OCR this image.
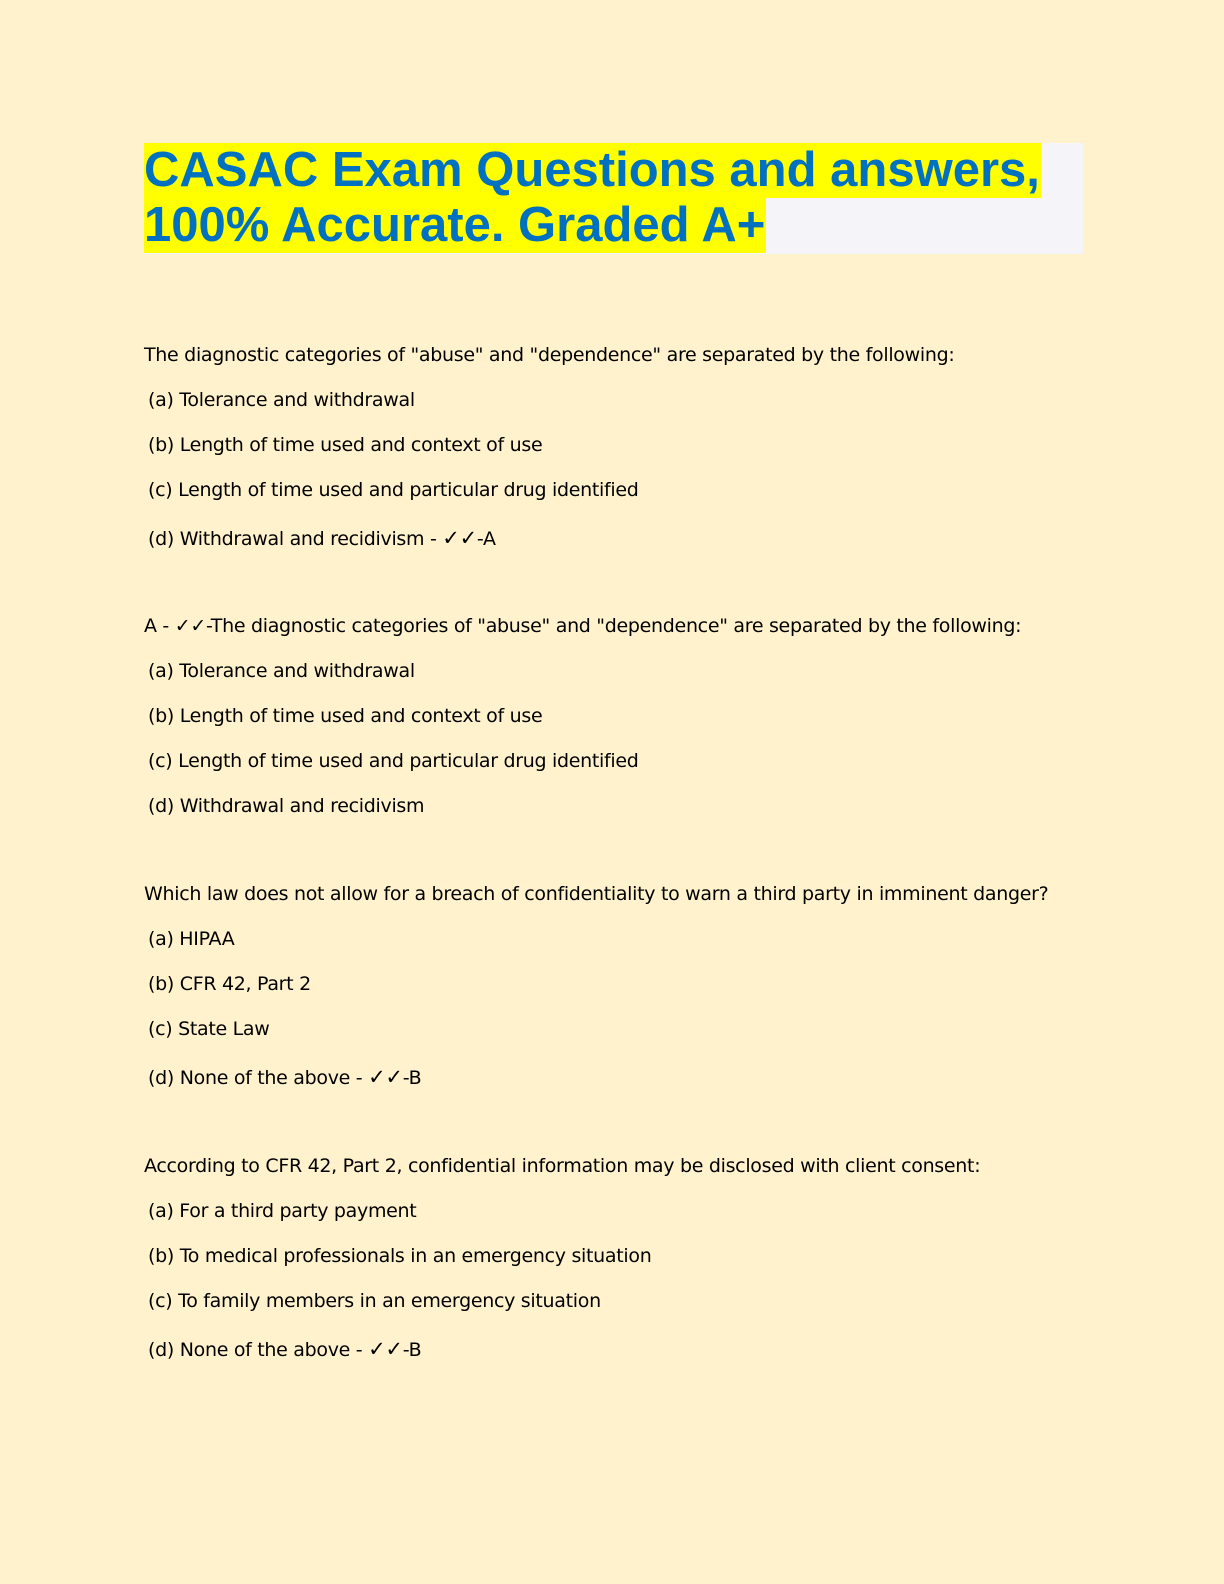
CASAC Exam Questions and answers,
100% Accurate. Graded A+
The diagnostic categories of "abuse" and "dependence" are separated by the following:
(a) Tolerance and withdrawal
(b) Length of time used and context of use
(c) Length of time used and particular drug identified
(d) Withdrawal and recidivism - ✓✓-A
A - ✓✓-The diagnostic categories of "abuse" and "dependence" are separated by the following:
(a) Tolerance and withdrawal
(b) Length of time used and context of use
(c) Length of time used and particular drug identified
(d) Withdrawal and recidivism
Which law does not allow for a breach of confidentiality to warn a third party in imminent danger?
(a) HIPAA
(b) CFR 42, Part 2
(c) State Law
(d) None of the above - ✓✓-B
According to CFR 42, Part 2, confidential information may be disclosed with client consent:
(a) For a third party payment
(b) To medical professionals in an emergency situation
(c) To family members in an emergency situation
(d) None of the above - ✓✓-B
